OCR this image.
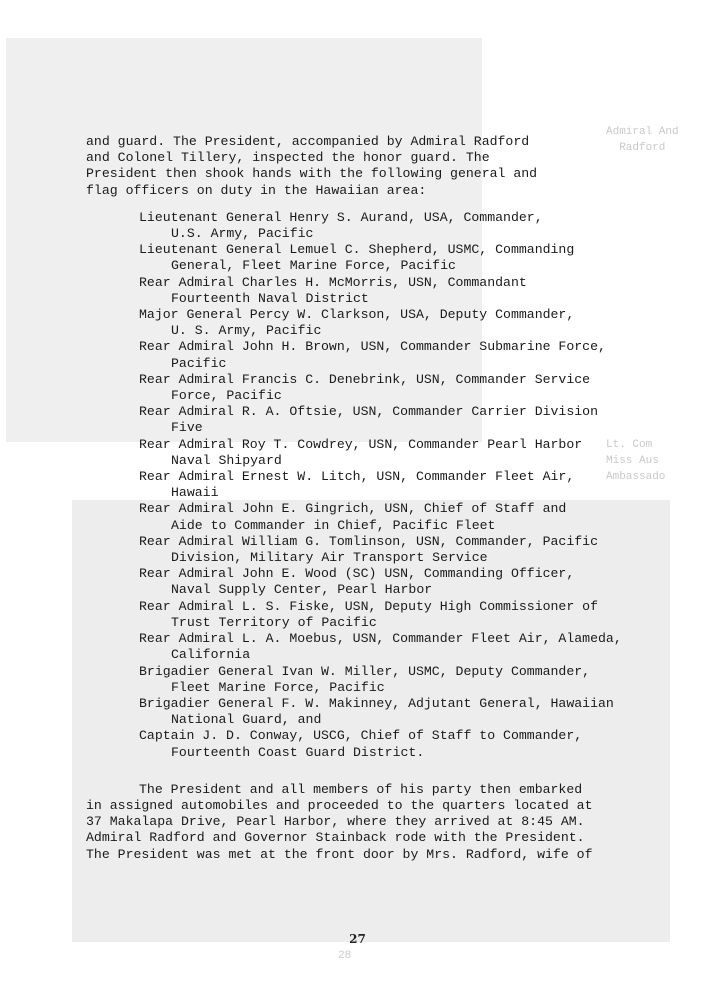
Admiral And
Radford
Lt. Com
Miss Aus
Ambassado
28

and guard. The President, accompanied by Admiral Radford

and Colonel Tillery, inspected the honor guard. The

President then shook hands with the following general and

flag officers on duty in the Hawaiian area:

Lieutenant General Henry S. Aurand, USA, Commander,
U.S. Army, Pacific
Lieutenant General Lemuel C. Shepherd, USMC, Commanding
General, Fleet Marine Force, Pacific
Rear Admiral Charles H. McMorris, USN, Commandant
Fourteenth Naval District
Major General Percy W. Clarkson, USA, Deputy Commander,
U. S. Army, Pacific
Rear Admiral John H. Brown, USN, Commander Submarine Force,
Pacific
Rear Admiral Francis C. Denebrink, USN, Commander Service
Force, Pacific
Rear Admiral R. A. Oftsie, USN, Commander Carrier Division
Five
Rear Admiral Roy T. Cowdrey, USN, Commander Pearl Harbor
Naval Shipyard
Rear Admiral Ernest W. Litch, USN, Commander Fleet Air,
Hawaii
Rear Admiral John E. Gingrich, USN, Chief of Staff and
Aide to Commander in Chief, Pacific Fleet
Rear Admiral William G. Tomlinson, USN, Commander, Pacific
Division, Military Air Transport Service
Rear Admiral John E. Wood (SC) USN, Commanding Officer,
Naval Supply Center, Pearl Harbor
Rear Admiral L. S. Fiske, USN, Deputy High Commissioner of
Trust Territory of Pacific
Rear Admiral L. A. Moebus, USN, Commander Fleet Air, Alameda,
California
Brigadier General Ivan W. Miller, USMC, Deputy Commander,
Fleet Marine Force, Pacific
Brigadier General F. W. Makinney, Adjutant General, Hawaiian
National Guard, and
Captain J. D. Conway, USCG, Chief of Staff to Commander,
Fourteenth Coast Guard District.

The President and all members of his party then embarked

in assigned automobiles and proceeded to the quarters located at

37 Makalapa Drive, Pearl Harbor, where they arrived at 8:45 AM.

Admiral Radford and Governor Stainback rode with the President.

The President was met at the front door by Mrs. Radford, wife of

27
